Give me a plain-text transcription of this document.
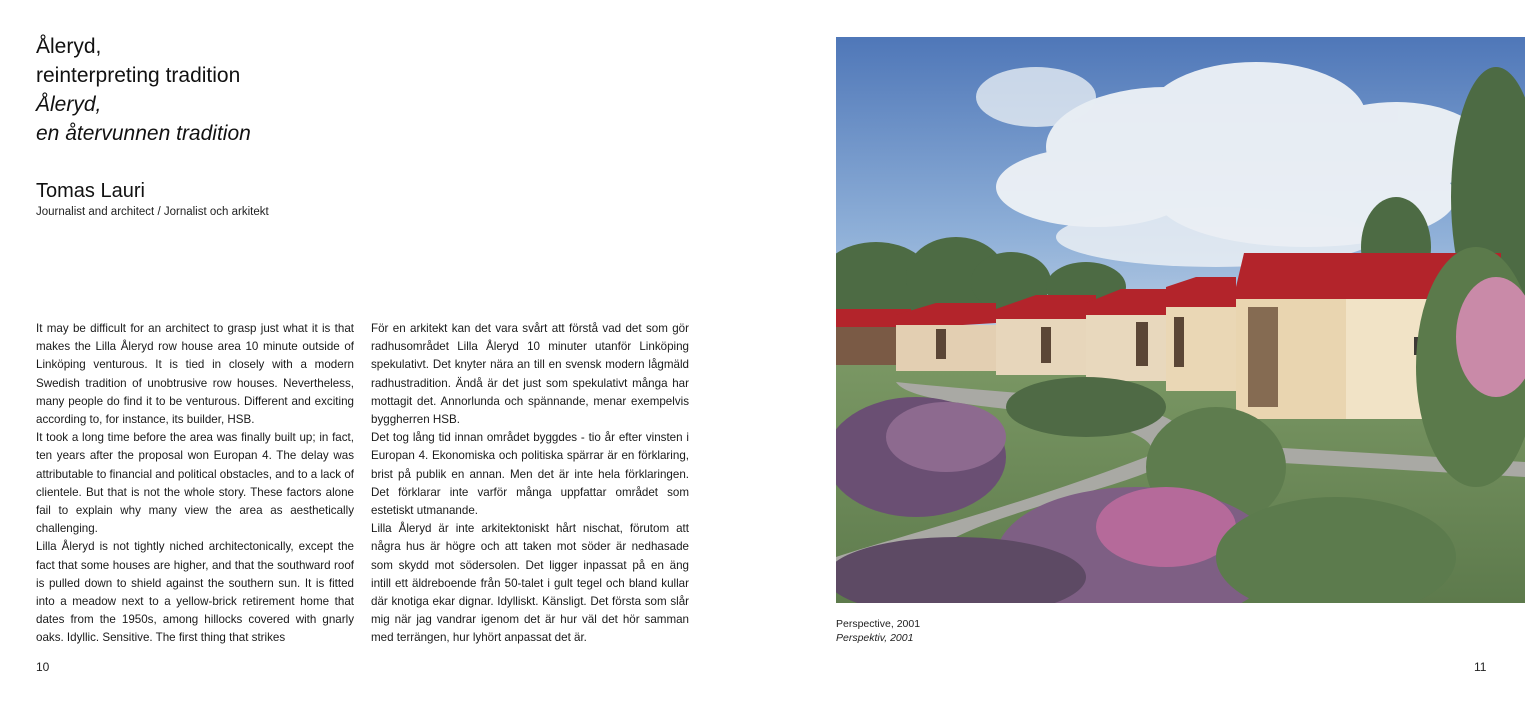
Åleryd,
reinterpreting tradition
Åleryd,
en återvunnen tradition
Tomas Lauri
Journalist and architect / Jornalist och arkitekt

It may be difficult for an architect to grasp just what it is that makes the Lilla Åleryd row house area 10 minute outside of Linköping venturous. It is tied in closely with a modern Swedish tradition of unobtrusive row houses. Nevertheless, many people do find it to be venturous. Different and exciting according to, for instance, its builder, HSB.

It took a long time before the area was finally built up; in fact, ten years after the proposal won Europan 4. The delay was attributable to financial and political obstacles, and to a lack of clientele. But that is not the whole story. These factors alone fail to explain why many view the area as aesthetically challenging.

Lilla Åleryd is not tightly niched architectonically, except the fact that some houses are higher, and that the southward roof is pulled down to shield against the southern sun. It is fitted into a meadow next to a yellow-brick retirement home that dates from the 1950s, among hillocks covered with gnarly oaks. Idyllic. Sensitive. The first thing that strikes

För en arkitekt kan det vara svårt att förstå vad det som gör radhusområdet Lilla Åleryd 10 minuter utanför Linköping spekulativt. Det knyter nära an till en svensk modern lågmäld radhustradition. Ändå är det just som spekulativt många har mottagit det. Annorlunda och spännande, menar exempelvis byggherren HSB.

Det tog lång tid innan området byggdes - tio år efter vinsten i Europan 4. Ekonomiska och politiska spärrar är en förklaring, brist på publik en annan. Men det är inte hela förklaringen. Det förklarar inte varför många uppfattar området som estetiskt utmanande.

Lilla Åleryd är inte arkitektoniskt hårt nischat, förutom att några hus är högre och att taken mot söder är nedhasade som skydd mot södersolen. Det ligger inpassat på en äng intill ett äldreboende från 50-talet i gult tegel och bland kullar där knotiga ekar dignar. Idylliskt. Känsligt. Det första som slår mig när jag vandrar igenom det är hur väl det hör samman med terrängen, hur lyhört anpassat det är.

10	11
Perspective, 2001
Perspektiv, 2001
